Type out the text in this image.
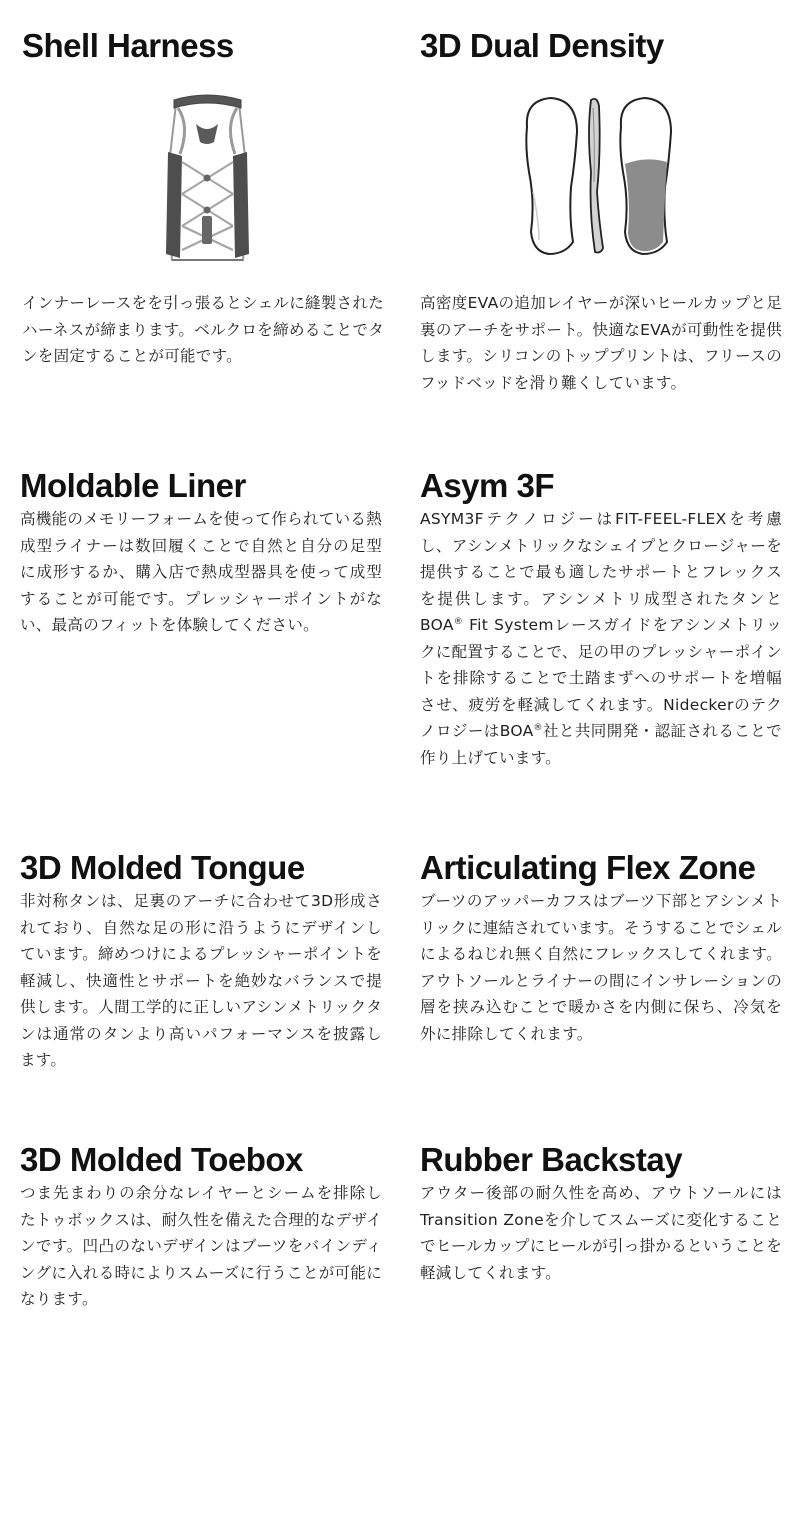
Shell Harness

インナーレースをを引っ張るとシェルに縫製されたハーネスが締まります。ベルクロを締めることでタンを固定することが可能です。

3D Dual Density

高密度EVAの追加レイヤーが深いヒールカップと足裏のアーチをサポート。快適なEVAが可動性を提供します。シリコンのトッププリントは、フリースのフッドベッドを滑り難くしています。

Moldable Liner

高機能のメモリーフォームを使って作られている熱成型ライナーは数回履くことで自然と自分の足型に成形するか、購入店で熱成型器具を使って成型することが可能です。プレッシャーポイントがない、最高のフィットを体験してください。

Asym 3F

ASYM3FテクノロジーはFIT-FEEL-FLEXを考慮し、アシンメトリックなシェイプとクロージャーを提供することで最も適したサポートとフレックスを提供します。アシンメトリ成型されたタンとBOA® Fit Systemレースガイドをアシンメトリックに配置することで、足の甲のプレッシャーポイントを排除することで土踏まずへのサポートを増幅させ、疲労を軽減してくれます。NideckerのテクノロジーはBOA®社と共同開発・認証されることで作り上げています。

3D Molded Tongue

非対称タンは、足裏のアーチに合わせて3D形成されており、自然な足の形に沿うようにデザインしています。締めつけによるプレッシャーポイントを軽減し、快適性とサポートを絶妙なバランスで提供します。人間工学的に正しいアシンメトリックタンは通常のタンより高いパフォーマンスを披露します。

Articulating Flex Zone

ブーツのアッパーカフスはブーツ下部とアシンメトリックに連結されています。そうすることでシェルによるねじれ無く自然にフレックスしてくれます。アウトソールとライナーの間にインサレーションの層を挟み込むことで暖かさを内側に保ち、冷気を外に排除してくれます。

3D Molded Toebox

つま先まわりの余分なレイヤーとシームを排除したトゥボックスは、耐久性を備えた合理的なデザインです。凹凸のないデザインはブーツをバインディングに入れる時によりスムーズに行うことが可能になります。

Rubber Backstay

アウター後部の耐久性を高め、アウトソールにはTransition Zoneを介してスムーズに変化することでヒールカップにヒールが引っ掛かるということを軽減してくれます。
